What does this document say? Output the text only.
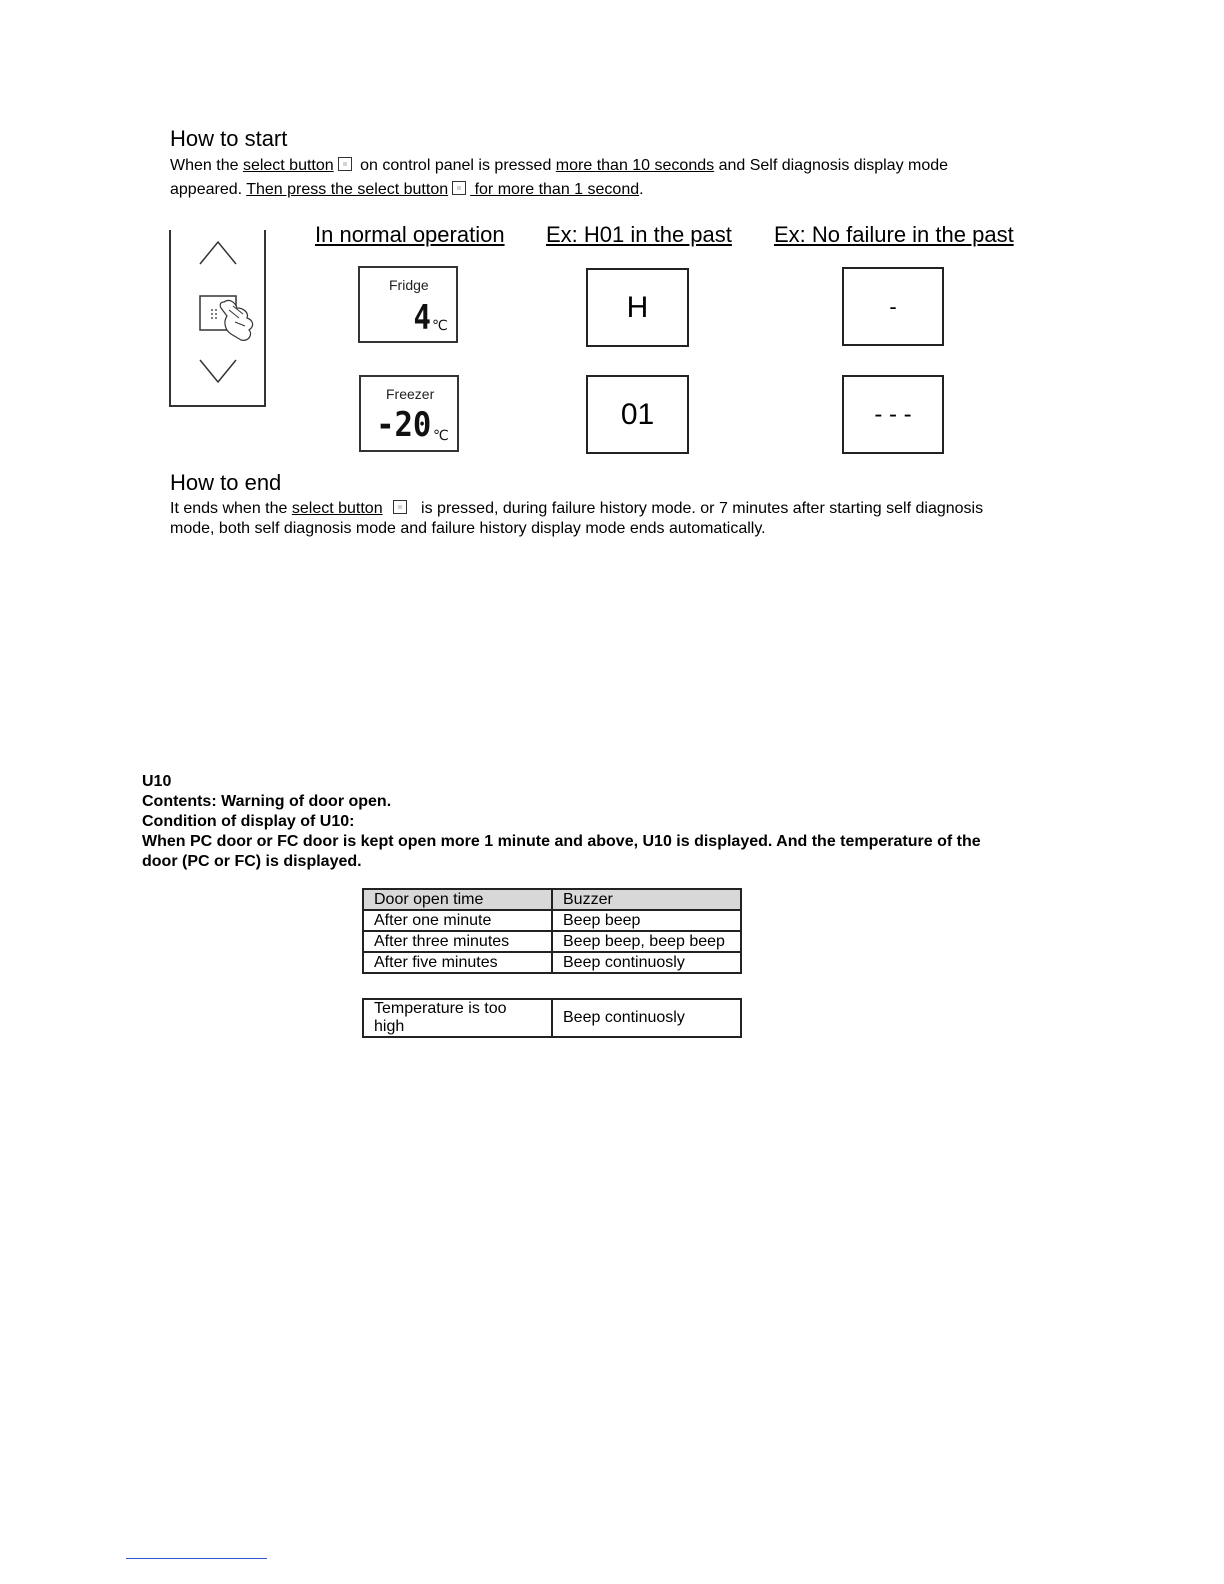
How to start
When the select button on control panel is pressed more than 10 seconds and Self diagnosis display mode
appeared. Then press the select button for more than 1 second.
In normal operation Ex: H01 in the past Ex: No failure in the past
Fridge
4 ℃
Freezer
-20 ℃
H
01
-
- - -
How to end
It ends when the select button is pressed, during failure history mode. or 7 minutes after starting self diagnosis
mode, both self diagnosis mode and failure history display mode ends automatically.
U10
Contents: Warning of door open.
Condition of display of U10:
When PC door or FC door is kept open more 1 minute and above, U10 is displayed. And the temperature of the
door (PC or FC) is displayed.
Door open time	Buzzer
After one minute	Beep beep
After three minutes	Beep beep, beep beep
After five minutes	Beep continuosly
Temperature is too high	Beep continuosly
